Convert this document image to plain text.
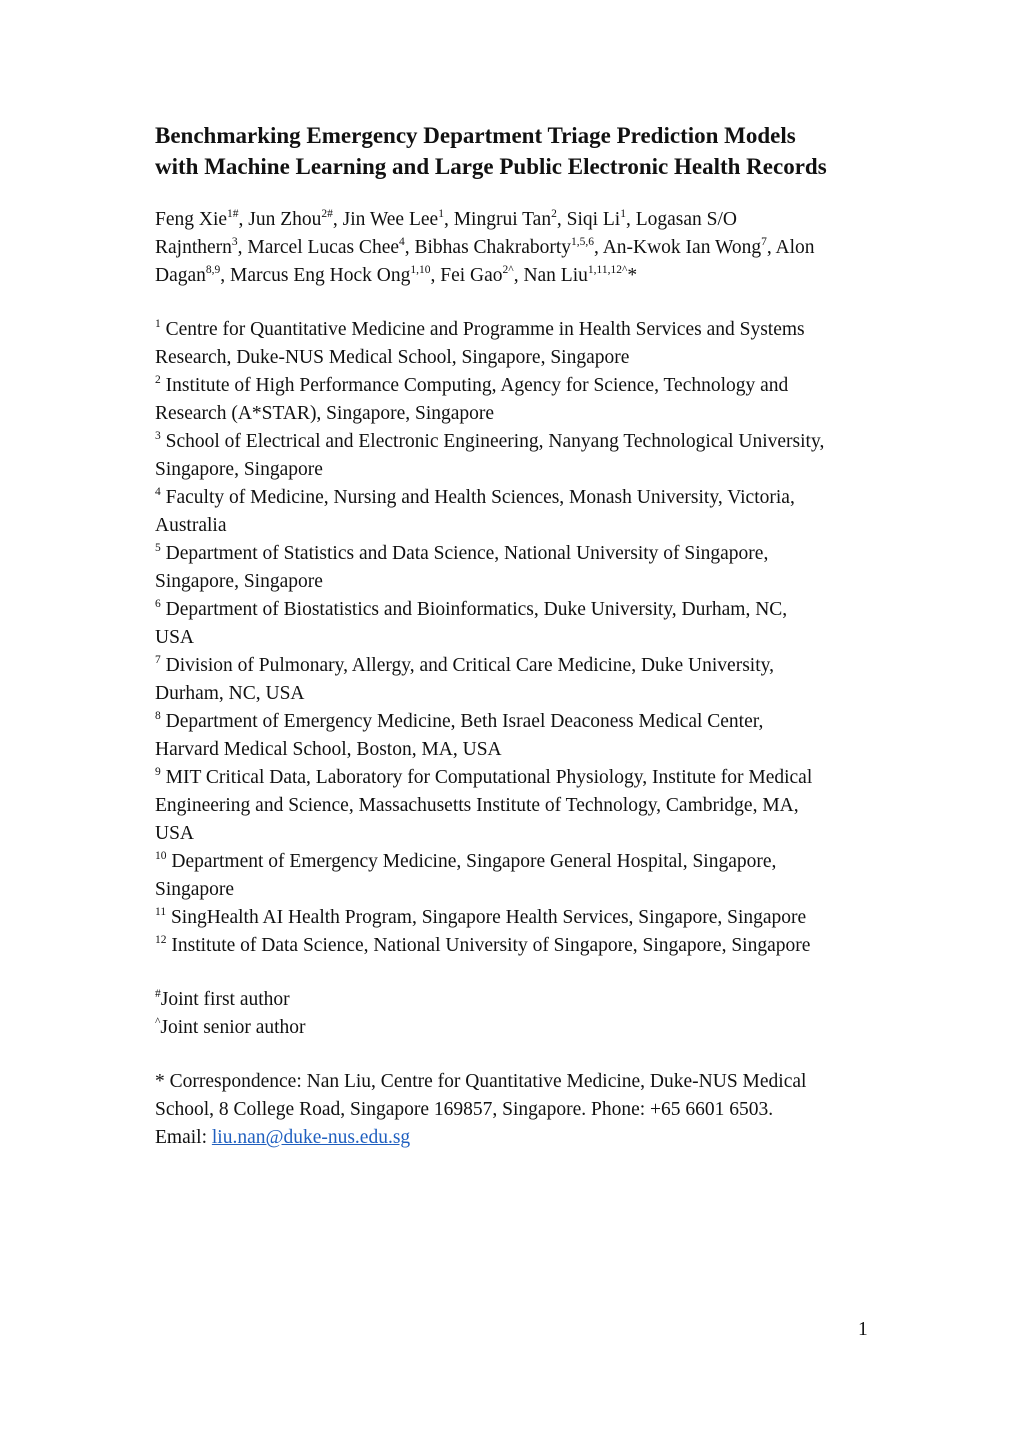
Benchmarking Emergency Department Triage Prediction Models
with Machine Learning and Large Public Electronic Health Records
Feng Xie$^{1\#}$, Jun Zhou$^{2\#}$, Jin Wee Lee$^1$, Mingrui Tan$^2$, Siqi Li$^1$, Logasan S/O
Rajnthern$^3$, Marcel Lucas Chee$^4$, Bibhas Chakraborty$^{1,5,6}$, An-Kwok Ian Wong$^7$, Alon
Dagan$^{8,9}$, Marcus Eng Hock Ong$^{1,10}$, Fei Gao$^{2\^{}}$, Nan Liu$^{1,11,12\^{}}$*
$^1$ Centre for Quantitative Medicine and Programme in Health Services and Systems
Research, Duke-NUS Medical School, Singapore, Singapore
$^2$ Institute of High Performance Computing, Agency for Science, Technology and
Research (A*STAR), Singapore, Singapore
$^3$ School of Electrical and Electronic Engineering, Nanyang Technological University,
Singapore, Singapore
$^4$ Faculty of Medicine, Nursing and Health Sciences, Monash University, Victoria,
Australia
$^5$ Department of Statistics and Data Science, National University of Singapore,
Singapore, Singapore
$^6$ Department of Biostatistics and Bioinformatics, Duke University, Durham, NC,
USA
$^7$ Division of Pulmonary, Allergy, and Critical Care Medicine, Duke University,
Durham, NC, USA
$^8$ Department of Emergency Medicine, Beth Israel Deaconess Medical Center,
Harvard Medical School, Boston, MA, USA
$^9$ MIT Critical Data, Laboratory for Computational Physiology, Institute for Medical
Engineering and Science, Massachusetts Institute of Technology, Cambridge, MA,
USA
$^{10}$ Department of Emergency Medicine, Singapore General Hospital, Singapore,
Singapore
$^{11}$ SingHealth AI Health Program, Singapore Health Services, Singapore, Singapore
$^{12}$ Institute of Data Science, National University of Singapore, Singapore, Singapore
#Joint first author
^Joint senior author
* Correspondence: Nan Liu, Centre for Quantitative Medicine, Duke-NUS Medical
School, 8 College Road, Singapore 169857, Singapore. Phone: +65 6601 6503.
Email: liu.nan@duke-nus.edu.sg
1
